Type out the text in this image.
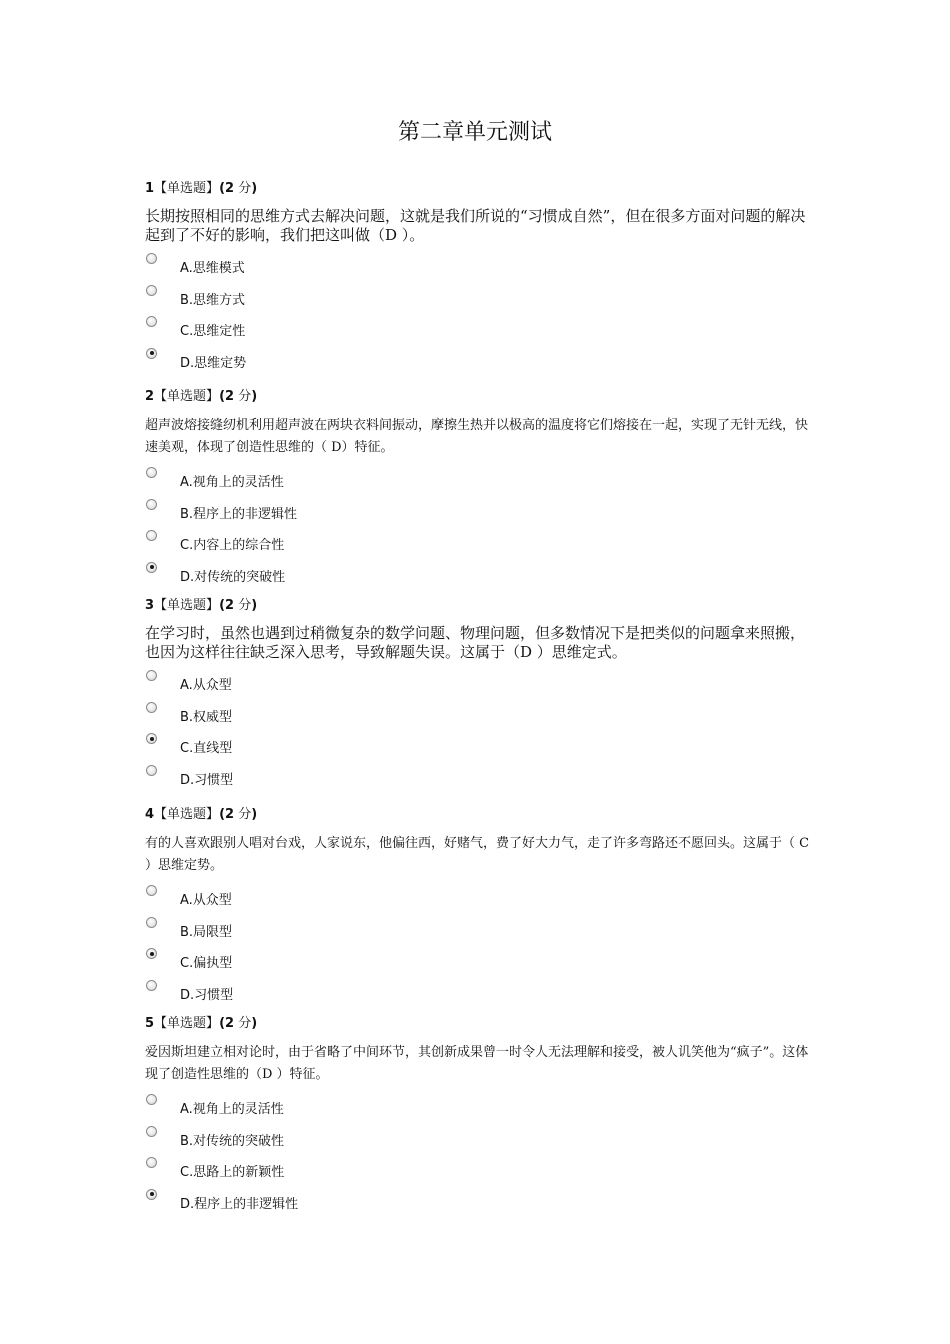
第二章单元测试
1【单选题】(2 分)
长期按照相同的思维方式去解决问题，这就是我们所说的“习惯成自然”，但在很多方面对问题的解决起到了不好的影响，我们把这叫做（D ）。
A.思维模式
B.思维方式
C.思维定性
D.思维定势
2【单选题】(2 分)
超声波熔接缝纫机利用超声波在两块衣料间振动，摩擦生热并以极高的温度将它们熔接在一起，实现了无针无线，快速美观，体现了创造性思维的（ D）特征。
A.视角上的灵活性
B.程序上的非逻辑性
C.内容上的综合性
D.对传统的突破性
3【单选题】(2 分)
在学习时，虽然也遇到过稍微复杂的数学问题、物理问题，但多数情况下是把类似的问题拿来照搬，也因为这样往往缺乏深入思考，导致解题失误。这属于（D ）思维定式。
A.从众型
B.权威型
C.直线型
D.习惯型
4【单选题】(2 分)
有的人喜欢跟别人唱对台戏，人家说东，他偏往西，好赌气，费了好大力气，走了许多弯路还不愿回头。这属于（ C ）思维定势。
A.从众型
B.局限型
C.偏执型
D.习惯型
5【单选题】(2 分)
爱因斯坦建立相对论时，由于省略了中间环节，其创新成果曾一时令人无法理解和接受，被人讥笑他为“疯子”。这体现了创造性思维的（D ）特征。
A.视角上的灵活性
B.对传统的突破性
C.思路上的新颖性
D.程序上的非逻辑性
